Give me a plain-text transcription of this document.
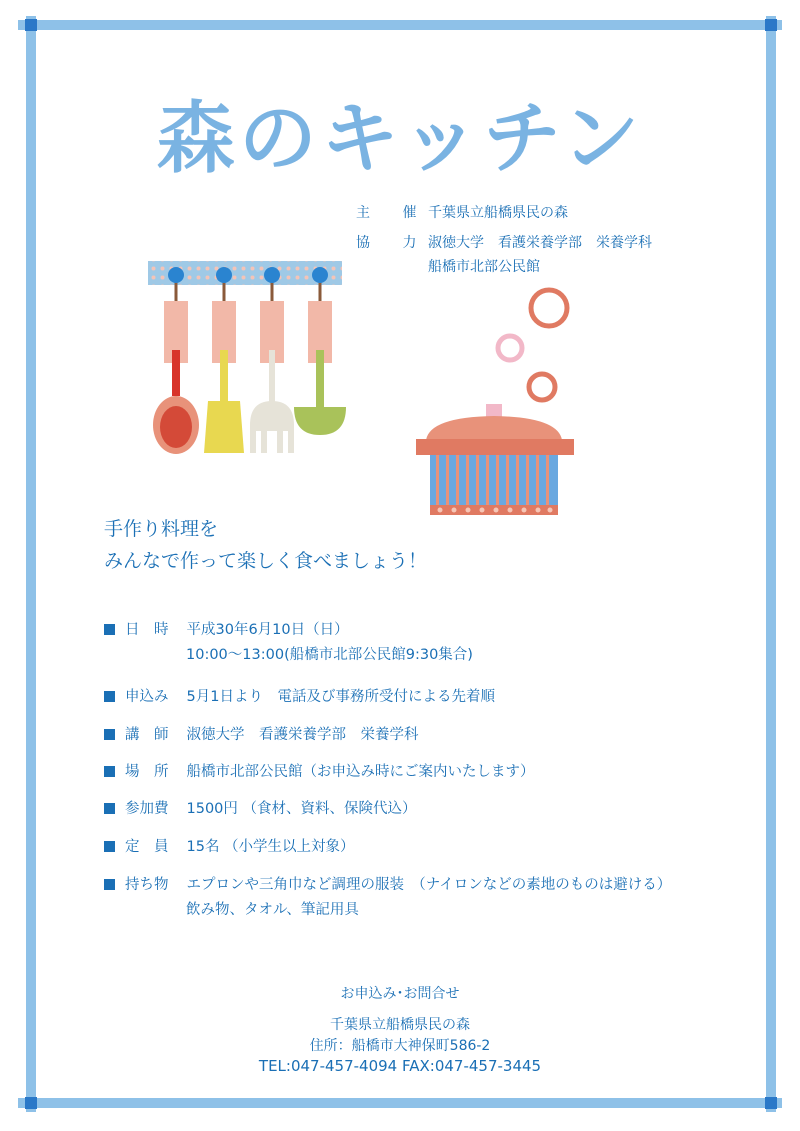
森のキッチン
主 催千葉県立船橋県民の森
協 力淑徳大学　看護栄養学部　栄養学科
船橋市北部公民館
手作り料理を
みんなで作って楽しく食べましょう！
日　時 平成30年6月10日（日）
10:00〜13:00(船橋市北部公民館9:30集合)
申込み 5月1日より　電話及び事務所受付による先着順
講　師 淑徳大学　看護栄養学部　栄養学科
場　所 船橋市北部公民館（お申込み時にご案内いたします）
参加費 1500円 （食材、資料、保険代込）
定　員 15名 （小学生以上対象）
持ち物 エプロンや三角巾など調理の服装　（ナイロンなどの素地のものは避ける）
飲み物、タオル、筆記用具
お申込み･お問合せ
千葉県立船橋県民の森
住所：船橋市大神保町586-2
TEL:047-457-4094 FAX:047-457-3445
